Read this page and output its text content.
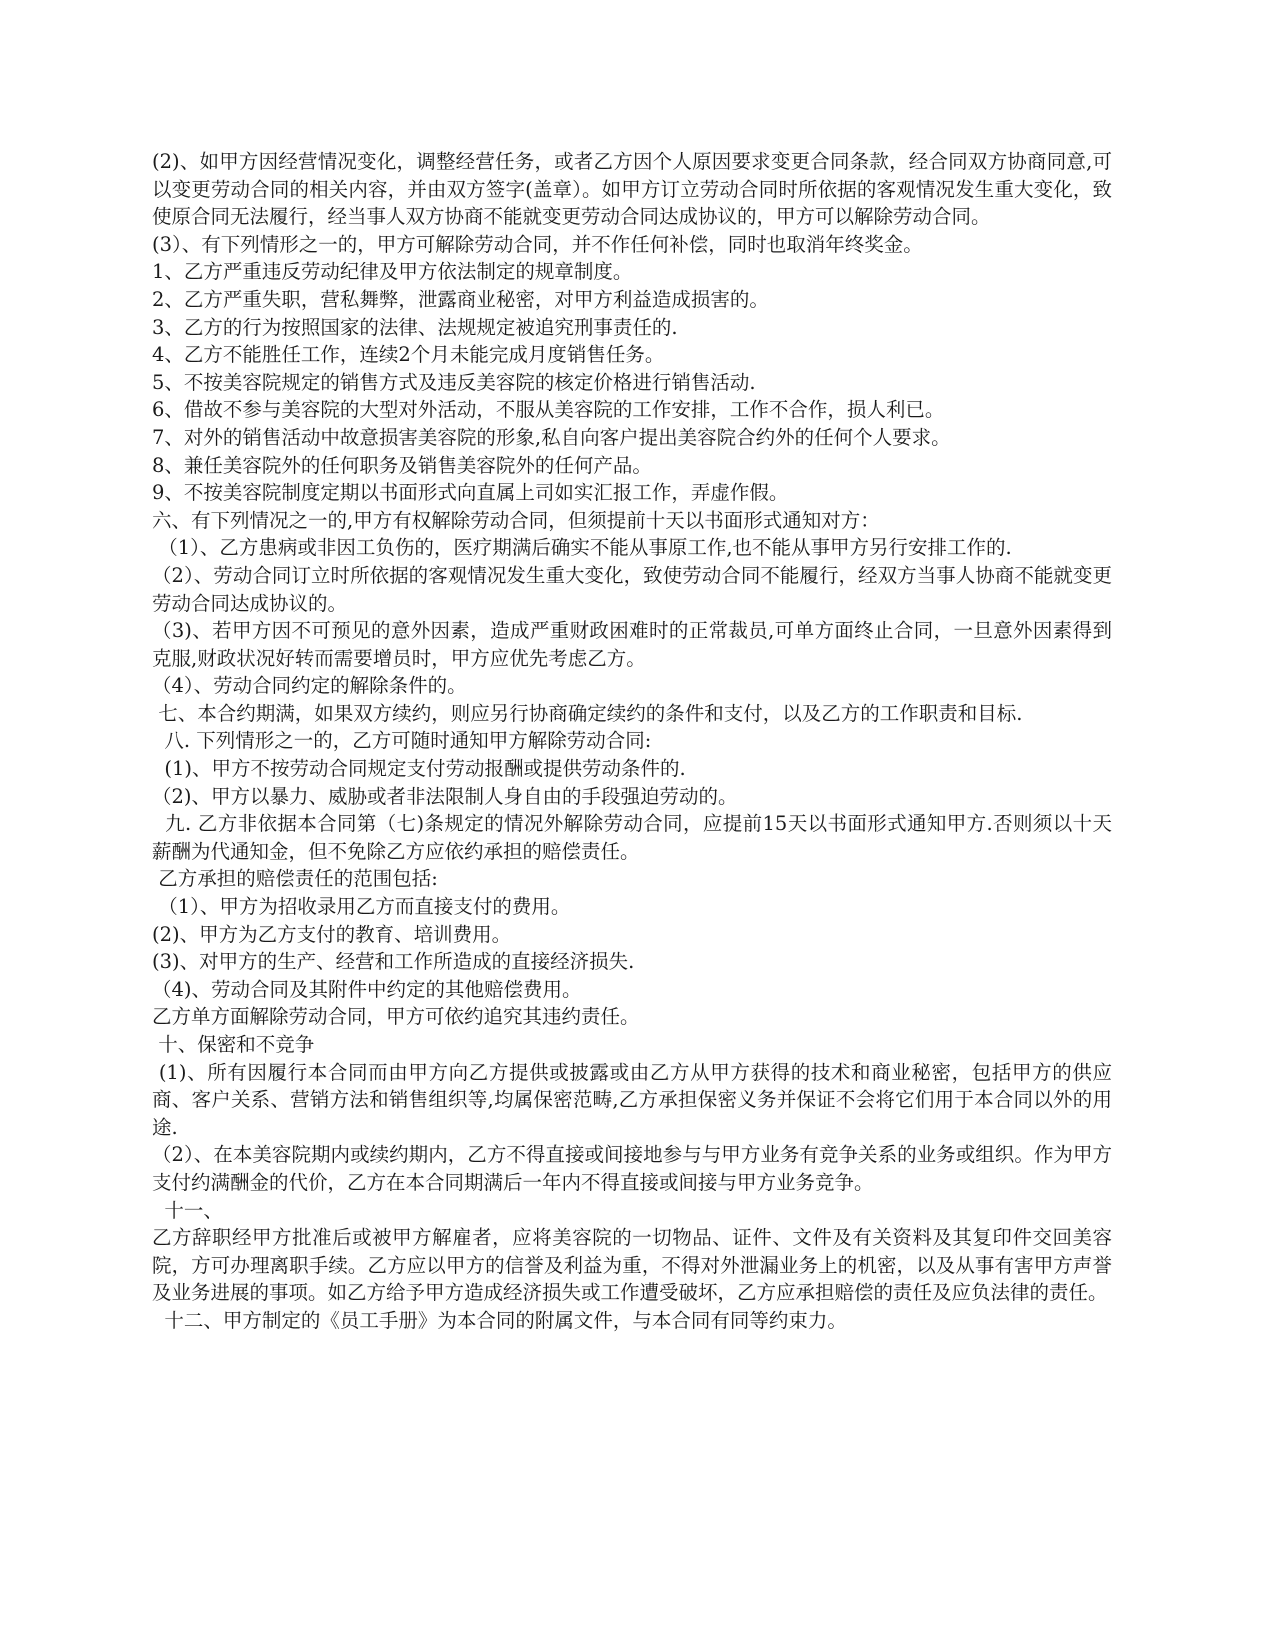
(2)、如甲方因经营情况变化，调整经营任务，或者乙方因个人原因要求变更合同条款，经合同双方协商同意,可以变更劳动合同的相关内容，并由双方签字(盖章）。如甲方订立劳动合同时所依据的客观情况发生重大变化，致使原合同无法履行，经当事人双方协商不能就变更劳动合同达成协议的，甲方可以解除劳动合同。

(3）、有下列情形之一的，甲方可解除劳动合同，并不作任何补偿，同时也取消年终奖金。

1、乙方严重违反劳动纪律及甲方依法制定的规章制度。

2、乙方严重失职，营私舞弊，泄露商业秘密，对甲方利益造成损害的。

3、乙方的行为按照国家的法律、法规规定被追究刑事责任的.

4、乙方不能胜任工作，连续2个月未能完成月度销售任务。

5、不按美容院规定的销售方式及违反美容院的核定价格进行销售活动.

6、借故不参与美容院的大型对外活动，不服从美容院的工作安排，工作不合作，损人利已。

7、对外的销售活动中故意损害美容院的形象,私自向客户提出美容院合约外的任何个人要求。

8、兼任美容院外的任何职务及销售美容院外的任何产品。

9、不按美容院制度定期以书面形式向直属上司如实汇报工作，弄虚作假。

六、有下列情况之一的,甲方有权解除劳动合同，但须提前十天以书面形式通知对方：

（1）、乙方患病或非因工负伤的，医疗期满后确实不能从事原工作,也不能从事甲方另行安排工作的.

（2）、劳动合同订立时所依据的客观情况发生重大变化，致使劳动合同不能履行，经双方当事人协商不能就变更劳动合同达成协议的。

（3)、若甲方因不可预见的意外因素，造成严重财政困难时的正常裁员,可单方面终止合同，一旦意外因素得到克服,财政状况好转而需要增员时，甲方应优先考虑乙方。

（4）、劳动合同约定的解除条件的。

七、本合约期满，如果双方续约，则应另行协商确定续约的条件和支付，以及乙方的工作职责和目标.

八. 下列情形之一的，乙方可随时通知甲方解除劳动合同:

(1)、甲方不按劳动合同规定支付劳动报酬或提供劳动条件的.

（2)、甲方以暴力、威胁或者非法限制人身自由的手段强迫劳动的。

九. 乙方非依据本合同第（七)条规定的情况外解除劳动合同，应提前15天以书面形式通知甲方.否则须以十天薪酬为代通知金，但不免除乙方应依约承担的赔偿责任。

乙方承担的赔偿责任的范围包括:

（1）、甲方为招收录用乙方而直接支付的费用。

(2)、甲方为乙方支付的教育、培训费用。

(3)、对甲方的生产、经营和工作所造成的直接经济损失.

（4)、劳动合同及其附件中约定的其他赔偿费用。

乙方单方面解除劳动合同，甲方可依约追究其违约责任。

十、保密和不竞争

(1)、所有因履行本合同而由甲方向乙方提供或披露或由乙方从甲方获得的技术和商业秘密，包括甲方的供应商、客户关系、营销方法和销售组织等,均属保密范畴,乙方承担保密义务并保证不会将它们用于本合同以外的用途.

（2）、在本美容院期内或续约期内，乙方不得直接或间接地参与与甲方业务有竞争关系的业务或组织。作为甲方支付约满酬金的代价，乙方在本合同期满后一年内不得直接或间接与甲方业务竞争。

十一、

乙方辞职经甲方批准后或被甲方解雇者，应将美容院的一切物品、证件、文件及有关资料及其复印件交回美容院，方可办理离职手续。乙方应以甲方的信誉及利益为重，不得对外泄漏业务上的机密，以及从事有害甲方声誉及业务进展的事项。如乙方给予甲方造成经济损失或工作遭受破坏，乙方应承担赔偿的责任及应负法律的责任。

十二、甲方制定的《员工手册》为本合同的附属文件，与本合同有同等约束力。
